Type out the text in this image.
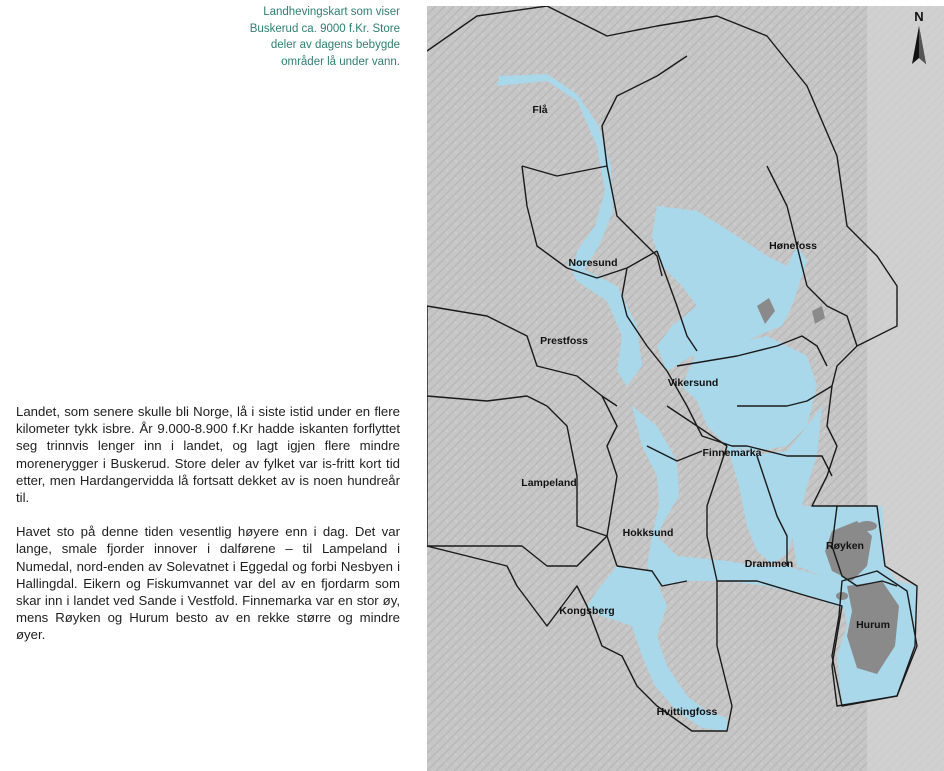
Landhevingskart som viser Buskerud ca. 9000 f.Kr. Store deler av dagens bebygde områder lå under vann.

Landet, som senere skulle bli Norge, lå i siste istid under en flere kilometer tykk isbre. År 9.000-8.900 f.Kr hadde iskanten forflyttet seg trinnvis lenger inn i landet, og lagt igjen flere mindre morenerygger i Buskerud. Store deler av fylket var is-fritt kort tid etter, men Hardangervidda lå fortsatt dekket av is noen hundreår til.

Havet sto på denne tiden vesentlig høyere enn i dag. Det var lange, smale fjorder innover i dalførene – til Lampeland i Numedal, nord-enden av Solevatnet i Eggedal og forbi Nesbyen i Hallingdal. Eikern og Fiskumvannet var del av en fjordarm som skar inn i landet ved Sande i Vestfold. Finnemarka var en stor øy, mens Røyken og Hurum besto av en rekke større og mindre øyer.

N
Flå
Hønefoss
Noresund
Prestfoss
Vikersund
Finnemarka
Lampeland
Hokksund
Røyken
Drammen
Kongsberg
Hurum
Hvittingfoss
